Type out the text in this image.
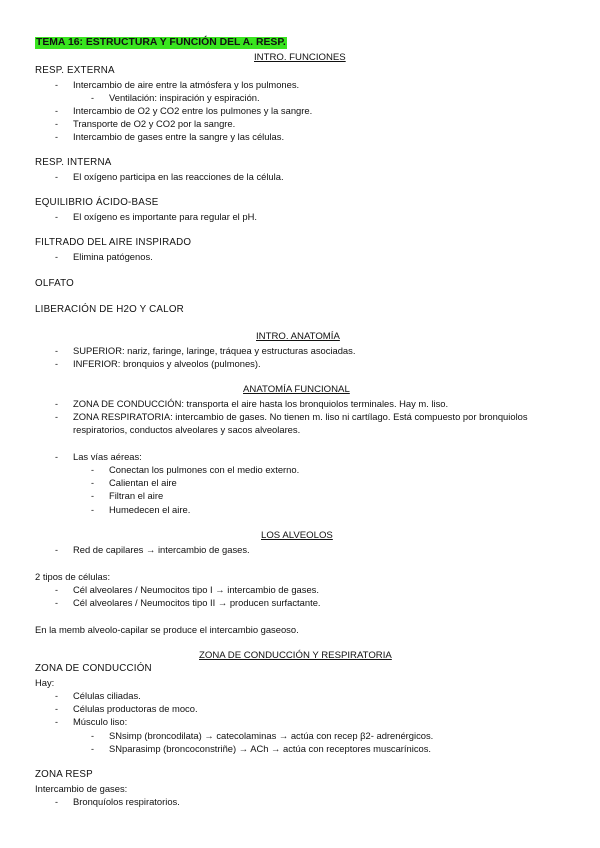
TEMA 16: ESTRUCTURA Y FUNCIÓN DEL A. RESP.
INTRO. FUNCIONES
RESP. EXTERNA
- Intercambio de aire entre la atmósfera y los pulmones.
- Ventilación: inspiración y espiración.
- Intercambio de O2 y CO2 entre los pulmones y la sangre.
- Transporte de O2 y CO2 por la sangre.
- Intercambio de gases entre la sangre y las células.
RESP. INTERNA
- El oxígeno participa en las reacciones de la célula.
EQUILIBRIO ÁCIDO-BASE
- El oxígeno es importante para regular el pH.
FILTRADO DEL AIRE INSPIRADO
- Elimina patógenos.
OLFATO
LIBERACIÓN DE H2O Y CALOR
INTRO. ANATOMÍA
- SUPERIOR: nariz, faringe, laringe, tráquea y estructuras asociadas.
- INFERIOR: bronquios y alveolos (pulmones).
ANATOMÍA FUNCIONAL
- ZONA DE CONDUCCIÓN: transporta el aire hasta los bronquiolos terminales. Hay m. liso.
- ZONA RESPIRATORIA: intercambio de gases. No tienen m. liso ni cartílago. Está compuesto por bronquiolos
respiratorios, conductos alveolares y sacos alveolares.
- Las vías aéreas:
- Conectan los pulmones con el medio externo.
- Calientan el aire
- Filtran el aire
- Humedecen el aire.
LOS ALVEOLOS
- Red de capilares → intercambio de gases.
2 tipos de células:
- Cél alveolares / Neumocitos tipo I → intercambio de gases.
- Cél alveolares / Neumocitos tipo II → producen surfactante.
En la memb alveolo-capilar se produce el intercambio gaseoso.
ZONA DE CONDUCCIÓN Y RESPIRATORIA
ZONA DE CONDUCCIÓN
Hay:
- Células ciliadas.
- Células productoras de moco.
- Músculo liso:
- SNsimp (broncodilata) → catecolaminas → actúa con recep β2- adrenérgicos.
- SNparasimp (broncoconstriñe) → ACh → actúa con receptores muscarínicos.
ZONA RESP
Intercambio de gases:
- Bronquíolos respiratorios.
